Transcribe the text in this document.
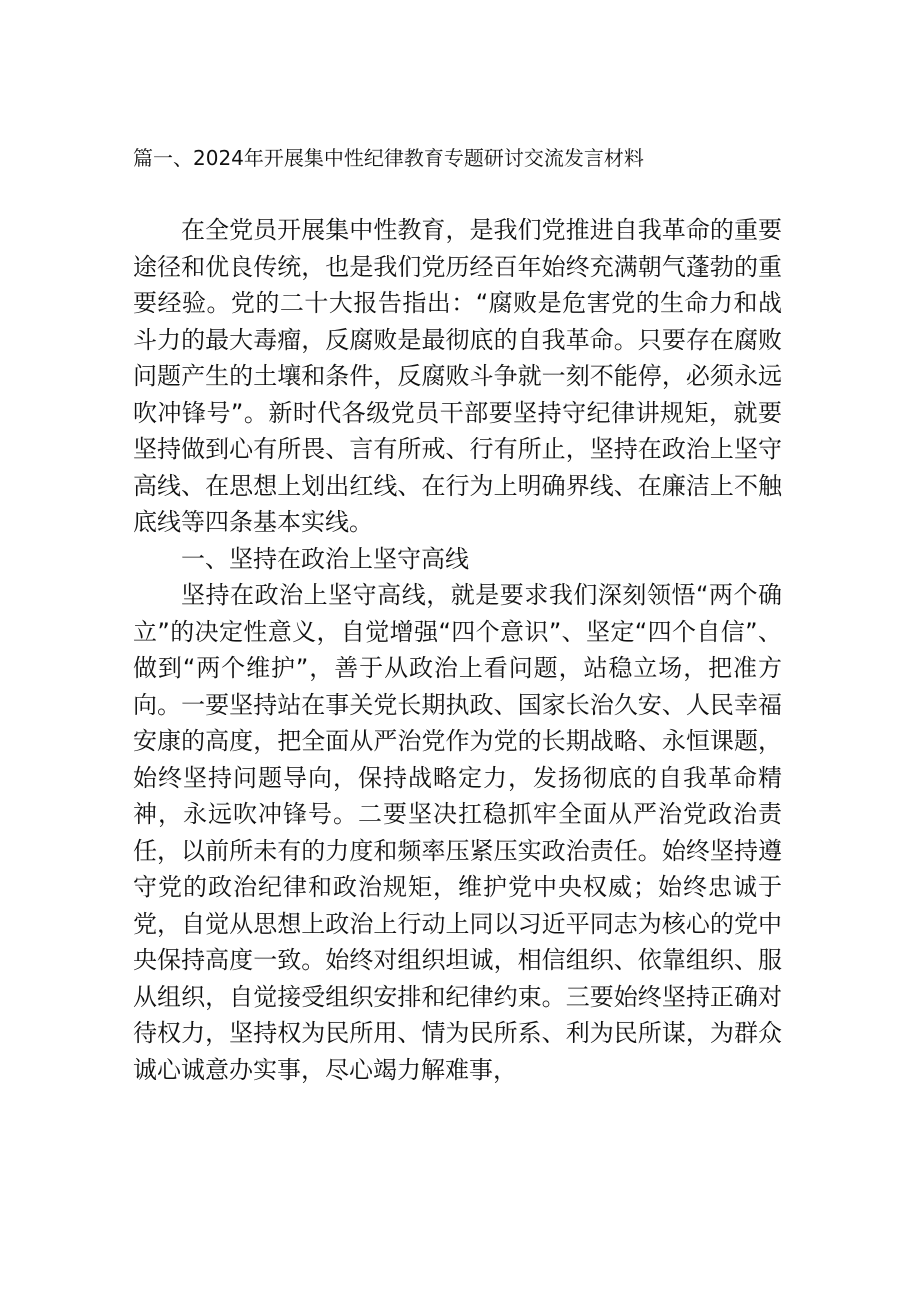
篇一、2024年开展集中性纪律教育专题研讨交流发言材料

在全党员开展集中性教育，是我们党推进自我革命的重要途径和优良传统，也是我们党历经百年始终充满朝气蓬勃的重要经验。党的二十大报告指出：“腐败是危害党的生命力和战斗力的最大毒瘤，反腐败是最彻底的自我革命。只要存在腐败问题产生的土壤和条件，反腐败斗争就一刻不能停，必须永远吹冲锋号”。新时代各级党员干部要坚持守纪律讲规矩，就要坚持做到心有所畏、言有所戒、行有所止，坚持在政治上坚守高线、在思想上划出红线、在行为上明确界线、在廉洁上不触底线等四条基本实线。

一、坚持在政治上坚守高线

坚持在政治上坚守高线，就是要求我们深刻领悟“两个确立”的决定性意义，自觉增强“四个意识”、坚定“四个自信”、做到“两个维护”，善于从政治上看问题，站稳立场，把准方向。一要坚持站在事关党长期执政、国家长治久安、人民幸福安康的高度，把全面从严治党作为党的长期战略、永恒课题，始终坚持问题导向，保持战略定力，发扬彻底的自我革命精神，永远吹冲锋号。二要坚决扛稳抓牢全面从严治党政治责任，以前所未有的力度和频率压紧压实政治责任。始终坚持遵守党的政治纪律和政治规矩，维护党中央权威；始终忠诚于党，自觉从思想上政治上行动上同以习近平同志为核心的党中央保持高度一致。始终对组织坦诚，相信组织、依靠组织、服从组织，自觉接受组织安排和纪律约束。三要始终坚持正确对待权力，坚持权为民所用、情为民所系、利为民所谋，为群众诚心诚意办实事，尽心竭力解难事，
